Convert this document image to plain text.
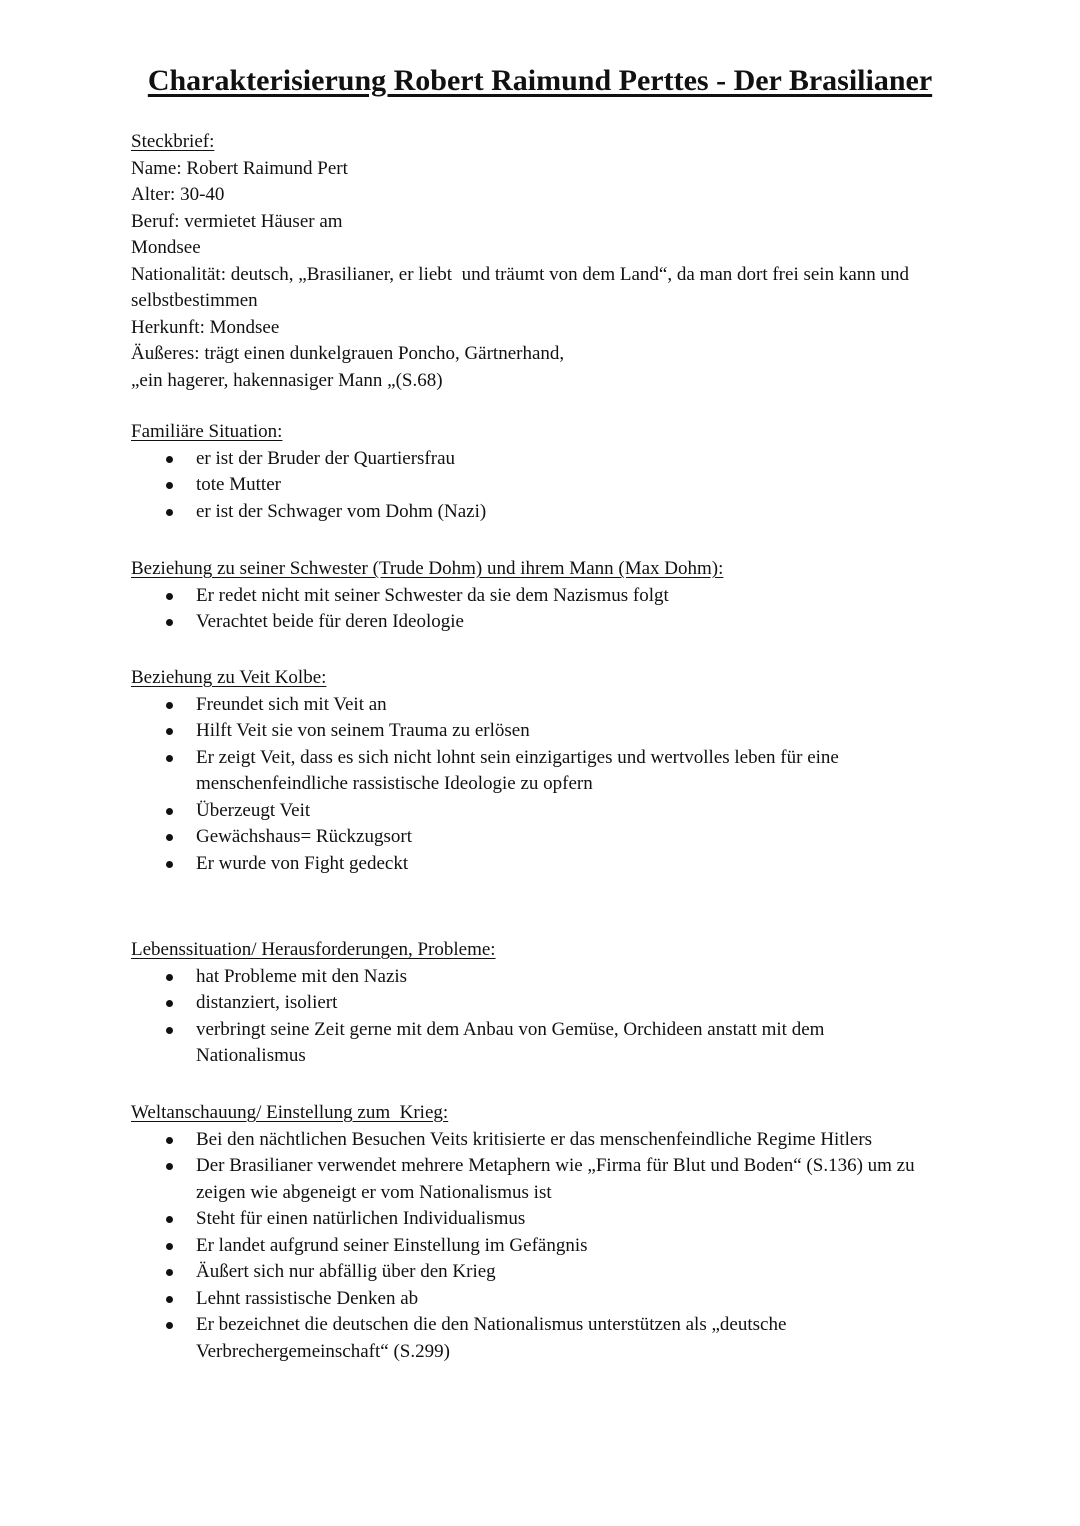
Charakterisierung Robert Raimund Perttes - Der Brasilianer
Steckbrief:
Name: Robert Raimund Pert
Alter: 30-40
Beruf: vermietet Häuser am
Mondsee
Nationalität: deutsch, „Brasilianer, er liebt  und träumt von dem Land“, da man dort frei sein kann und
selbstbestimmen
Herkunft: Mondsee
Äußeres: trägt einen dunkelgrauen Poncho, Gärtnerhand,
„ein hagerer, hakennasiger Mann „(S.68)
Familiäre Situation:
er ist der Bruder der Quartiersfrau
tote Mutter
er ist der Schwager vom Dohm (Nazi)
Beziehung zu seiner Schwester (Trude Dohm) und ihrem Mann (Max Dohm):
Er redet nicht mit seiner Schwester da sie dem Nazismus folgt
Verachtet beide für deren Ideologie
Beziehung zu Veit Kolbe:
Freundet sich mit Veit an
Hilft Veit sie von seinem Trauma zu erlösen
Er zeigt Veit, dass es sich nicht lohnt sein einzigartiges und wertvolles leben für eine menschenfeindliche rassistische Ideologie zu opfern
Überzeugt Veit
Gewächshaus= Rückzugsort
Er wurde von Fight gedeckt
Lebenssituation/ Herausforderungen, Probleme:
hat Probleme mit den Nazis
distanziert, isoliert
verbringt seine Zeit gerne mit dem Anbau von Gemüse, Orchideen anstatt mit dem Nationalismus
Weltanschauung/ Einstellung zum  Krieg:
Bei den nächtlichen Besuchen Veits kritisierte er das menschenfeindliche Regime Hitlers
Der Brasilianer verwendet mehrere Metaphern wie „Firma für Blut und Boden“ (S.136) um zu zeigen wie abgeneigt er vom Nationalismus ist
Steht für einen natürlichen Individualismus
Er landet aufgrund seiner Einstellung im Gefängnis
Äußert sich nur abfällig über den Krieg
Lehnt rassistische Denken ab
Er bezeichnet die deutschen die den Nationalismus unterstützen als „deutsche Verbrechergemeinschaft“ (S.299)
